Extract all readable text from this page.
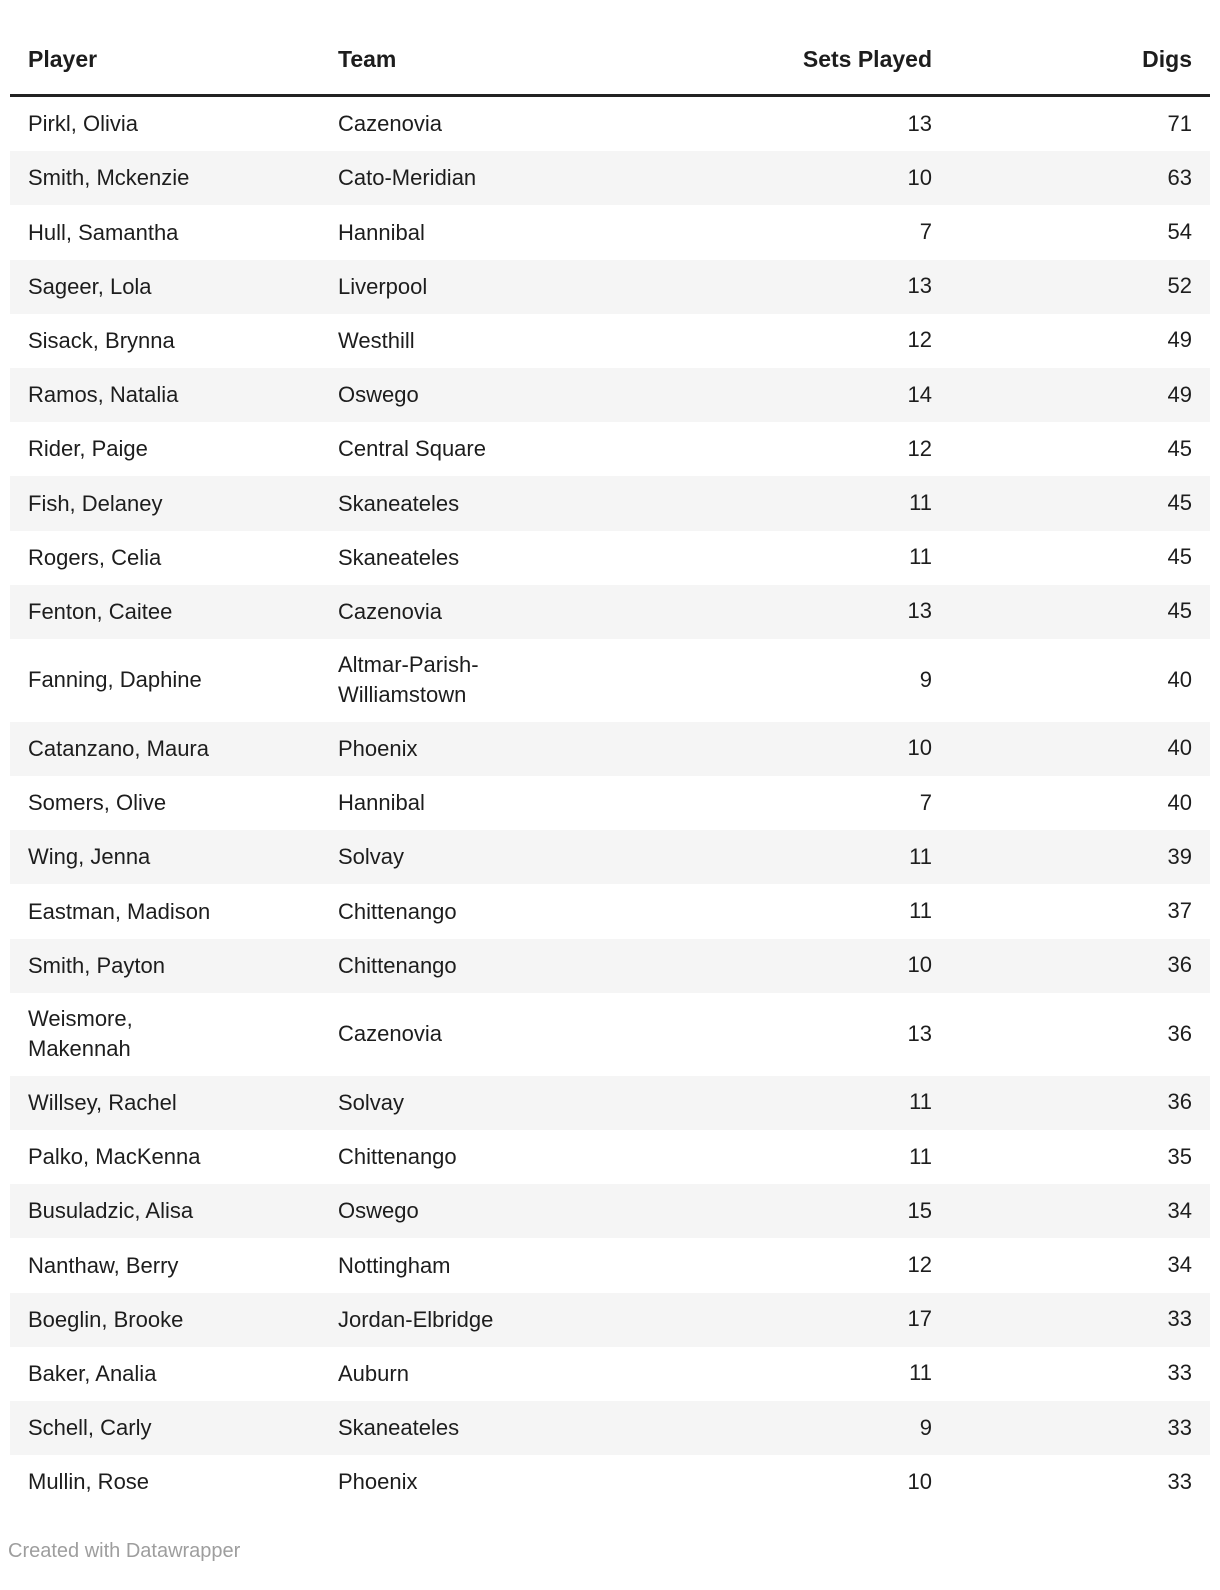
Player	Team	Sets Played	Digs
Pirkl, Olivia	Cazenovia	13	71
Smith, Mckenzie	Cato-Meridian	10	63
Hull, Samantha	Hannibal	7	54
Sageer, Lola	Liverpool	13	52
Sisack, Brynna	Westhill	12	49
Ramos, Natalia	Oswego	14	49
Rider, Paige	Central Square	12	45
Fish, Delaney	Skaneateles	11	45
Rogers, Celia	Skaneateles	11	45
Fenton, Caitee	Cazenovia	13	45
Fanning, Daphine	Altmar-Parish-Williamstown	9	40
Catanzano, Maura	Phoenix	10	40
Somers, Olive	Hannibal	7	40
Wing, Jenna	Solvay	11	39
Eastman, Madison	Chittenango	11	37
Smith, Payton	Chittenango	10	36
Weismore, Makennah	Cazenovia	13	36
Willsey, Rachel	Solvay	11	36
Palko, MacKenna	Chittenango	11	35
Busuladzic, Alisa	Oswego	15	34
Nanthaw, Berry	Nottingham	12	34
Boeglin, Brooke	Jordan-Elbridge	17	33
Baker, Analia	Auburn	11	33
Schell, Carly	Skaneateles	9	33
Mullin, Rose	Phoenix	10	33
Created with Datawrapper
